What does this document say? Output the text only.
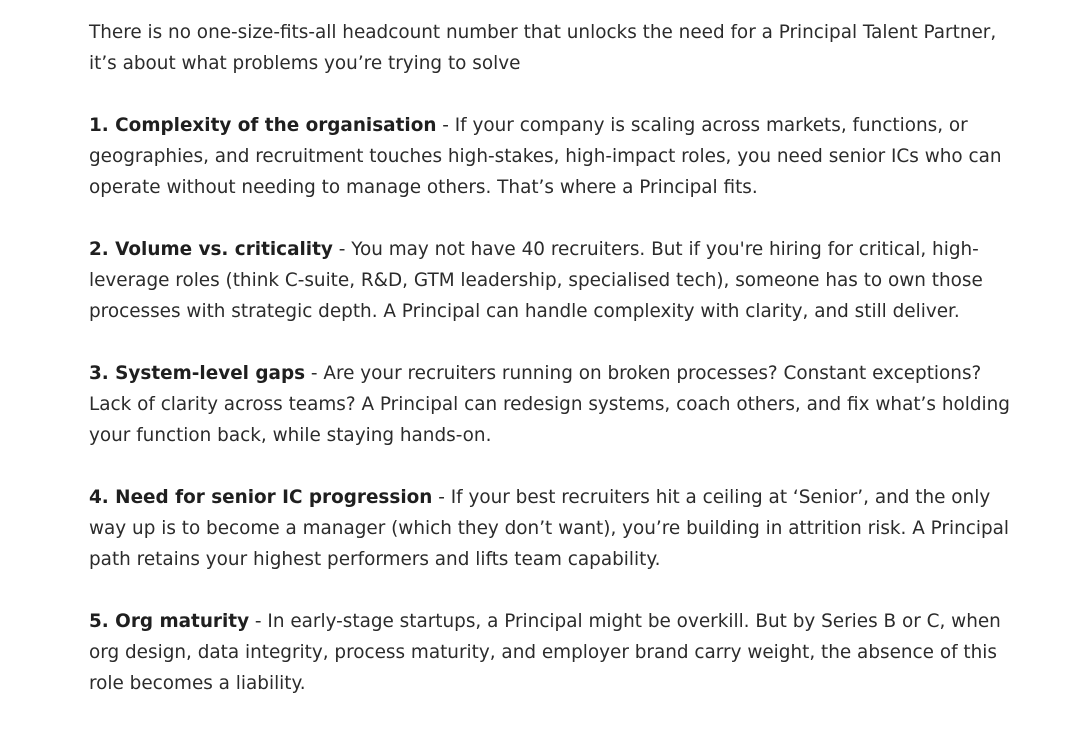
There is no one-size-fits-all headcount number that unlocks the need for a Principal Talent Partner, it’s about what problems you’re trying to solve

1. Complexity of the organisation - If your company is scaling across markets, functions, or geographies, and recruitment touches high-stakes, high-impact roles, you need senior ICs who can operate without needing to manage others. That’s where a Principal fits.

2. Volume vs. criticality - You may not have 40 recruiters. But if you're hiring for critical, high-leverage roles (think C-suite, R&D, GTM leadership, specialised tech), someone has to own those processes with strategic depth. A Principal can handle complexity with clarity, and still deliver.

3. System-level gaps - Are your recruiters running on broken processes? Constant exceptions? Lack of clarity across teams? A Principal can redesign systems, coach others, and fix what’s holding your function back, while staying hands-on.

4. Need for senior IC progression - If your best recruiters hit a ceiling at ‘Senior’, and the only way up is to become a manager (which they don’t want), you’re building in attrition risk. A Principal path retains your highest performers and lifts team capability.

5. Org maturity - In early-stage startups, a Principal might be overkill. But by Series B or C, when org design, data integrity, process maturity, and employer brand carry weight, the absence of this role becomes a liability.
